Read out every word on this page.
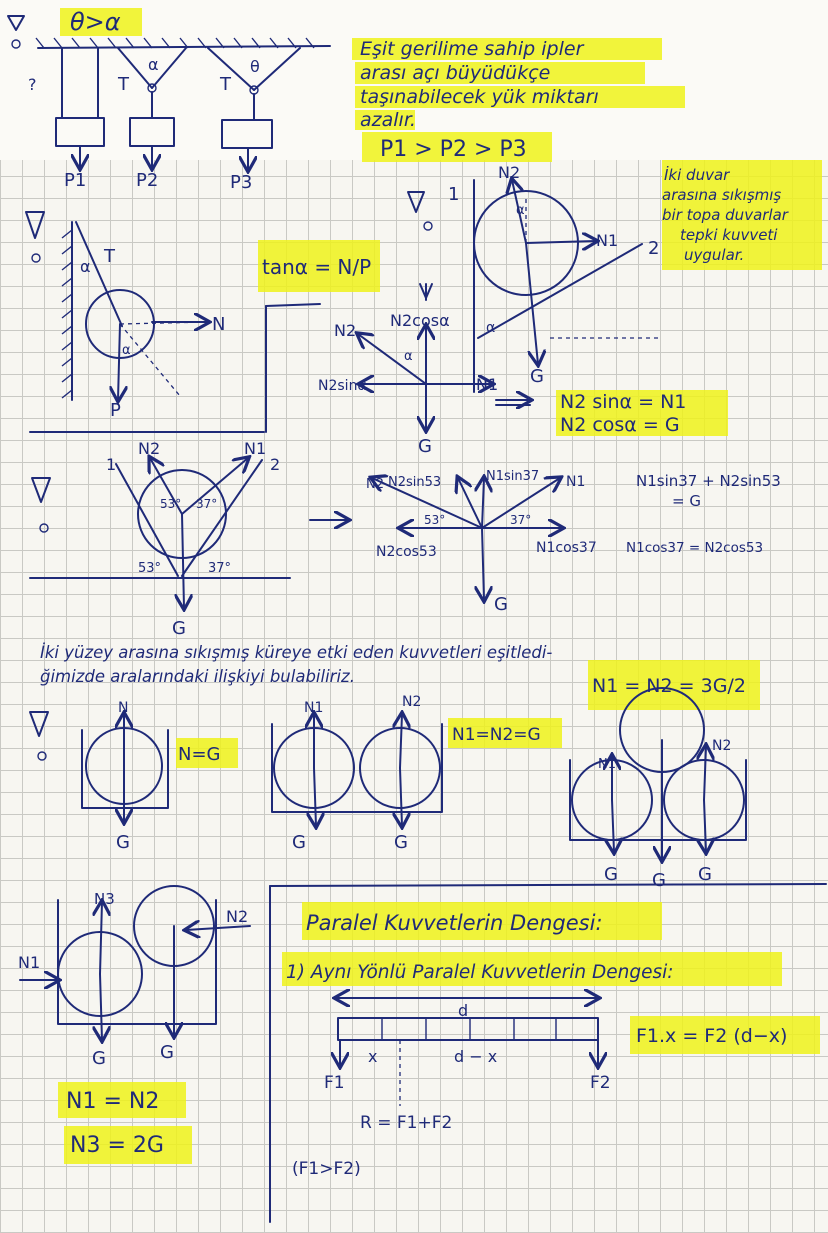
θ>α
?
P1
T
α
P2
T
θ
P3
Eşit gerilime sahip ipler
arası açı büyüdükçe
taşınabilecek yük miktarı
azalır.
P1 > P2 > P3
α T
N
α
P
tanα = N/P
N2
N2cosα
α
N2sinα	N1
G
1
N2
α
N1 2
α
G
İki duvar
arasına sıkışmış
bir topa duvarlar
tepki kuvveti
uygular.
N2 sinα = N1
N2 cosα = G
N2	N1
1	2
53° 37°
53°	37°
G
N2 N2sin53	N1sin37 N1
53°	37°
N2cos53	N1cos37
G
N1sin37 + N2sin53
= G
N1cos37 = N2cos53
İki yüzey arasına sıkışmış küreye etki eden kuvvetleri eşitledi-
ğimizde aralarındaki ilişkiyi bulabiliriz.	N1 = N2 = 3G/2
N
N=G
G
N1	N2
N1=N2=G
G	G
N1
N2
G G G
N3
N1
N2
G	G
N1 = N2
N3 = 2G
Paralel Kuvvetlerin Dengesi:
1) Aynı Yönlü Paralel Kuvvetlerin Dengesi:
d
x	d − x
F1	F2
R = F1+F2
F1.x = F2 (d−x)
(F1>F2)
